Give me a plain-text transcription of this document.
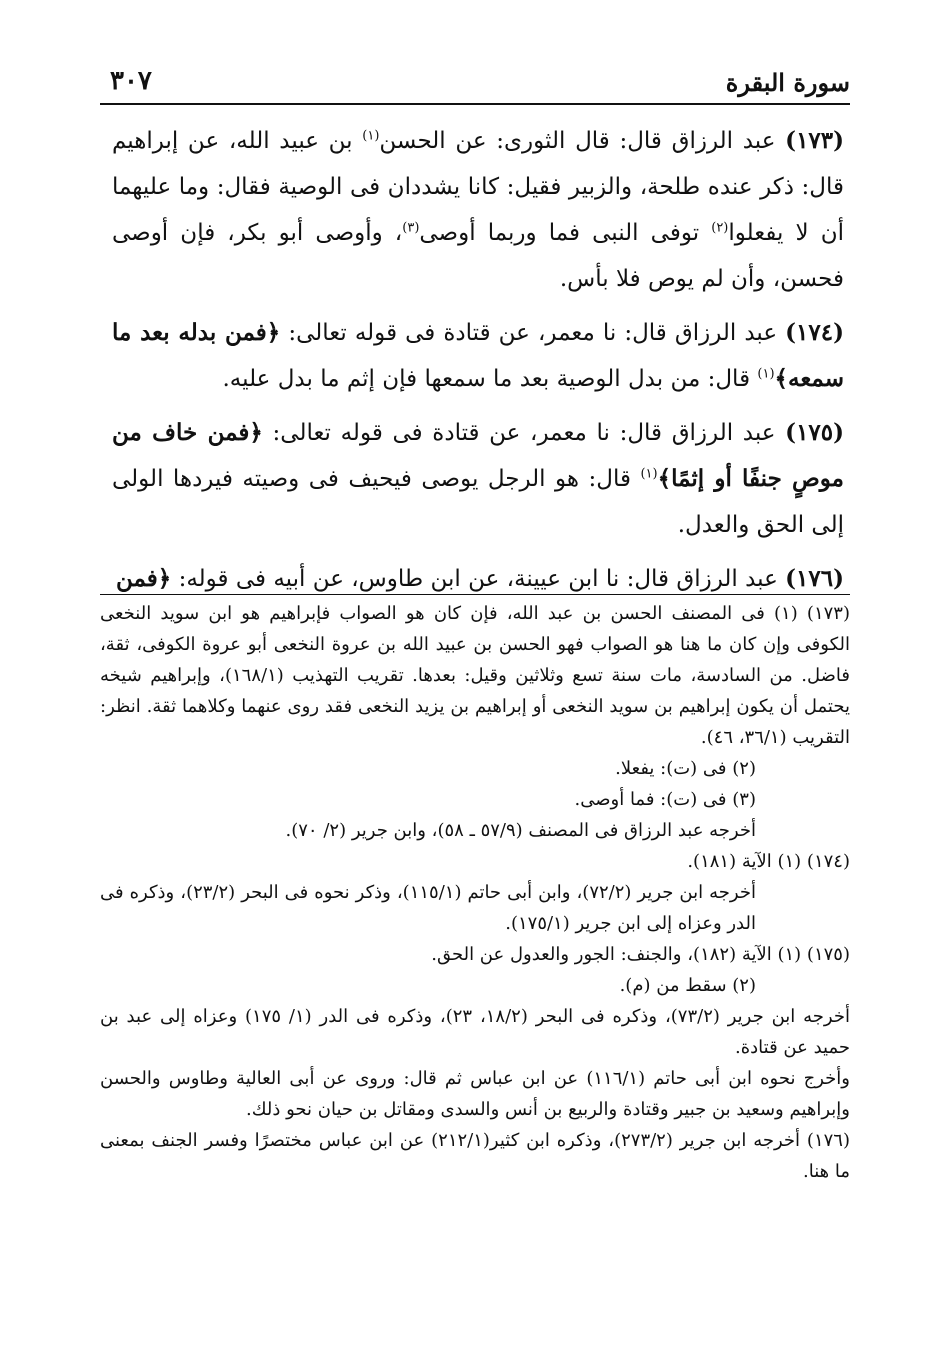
سورة البقرة
٣٠٧

(١٧٣) عبد الرزاق قال: قال الثورى: عن الحسن$^{(١)}$ بن عبيد الله، عن إبراهيم قال: ذكر عنده طلحة، والزبير فقيل: كانا يشددان فى الوصية فقال: وما عليهما أن لا يفعلوا$^{(٢)}$ توفى النبى فما وربما أوصى$^{(٣)}$، وأوصى أبو بكر، فإن أوصى فحسن، وأن لم يوص فلا بأس.

(١٧٤) عبد الرزاق قال: نا معمر، عن قتادة فى قوله تعالى: ﴿فمن بدله بعد ما سمعه﴾$^{(١)}$ قال: من بدل الوصية بعد ما سمعها فإن إثم ما بدل عليه.

(١٧٥) عبد الرزاق قال: نا معمر، عن قتادة فى قوله تعالى: ﴿فمن خاف من موصٍ جنفًا أو إثمًا﴾$^{(١)}$ قال: هو الرجل يوصى فيحيف فى وصيته فيردها الولى إلى الحق والعدل.

(١٧٦) عبد الرزاق قال: نا ابن عيينة، عن ابن طاوس، عن أبيه فى قوله: ﴿فمن

(١٧٣) (١) فى المصنف الحسن بن عبد الله، فإن كان هو الصواب فإبراهيم هو ابن سويد النخعى الكوفى وإن كان ما هنا هو الصواب فهو الحسن بن عبيد الله بن عروة النخعى أبو عروة الكوفى، ثقة، فاضل. من السادسة، مات سنة تسع وثلاثين وقيل: بعدها. تقريب التهذيب (١٦٨/١)، وإبراهيم شيخه يحتمل أن يكون إبراهيم بن سويد النخعى أو إبراهيم بن يزيد النخعى فقد روى عنهما وكلاهما ثقة. انظر: التقريب (٣٦/١، ٤٦).

(٢) فى (ت): يفعلا.

(٣) فى (ت): فما أوصى.

أخرجه عبد الرزاق فى المصنف (٥٧/٩ ـ ٥٨)، وابن جرير (٢/ ٧٠).

(١٧٤) (١) الآية (١٨١).

أخرجه ابن جرير (٧٢/٢)، وابن أبى حاتم (١١٥/١)، وذكر نحوه فى البحر (٢٣/٢)، وذكره فى الدر وعزاه إلى ابن جرير (١٧٥/١).

(١٧٥) (١) الآية (١٨٢)، والجنف: الجور والعدول عن الحق.

(٢) سقط من (م).

أخرجه ابن جرير (٧٣/٢)، وذكره فى البحر (١٨/٢، ٢٣)، وذكره فى الدر (١/ ١٧٥) وعزاه إلى عبد بن حميد عن قتادة.

وأخرج نحوه ابن أبى حاتم (١١٦/١) عن ابن عباس ثم قال: وروى عن أبى العالية وطاوس والحسن وإبراهيم وسعيد بن جبير وقتادة والربيع بن أنس والسدى ومقاتل بن حيان نحو ذلك.

(١٧٦) أخرجه ابن جرير (٢٧٣/٢)، وذكره ابن كثير(٢١٢/١) عن ابن عباس مختصرًا وفسر الجنف بمعنى ما هنا.
